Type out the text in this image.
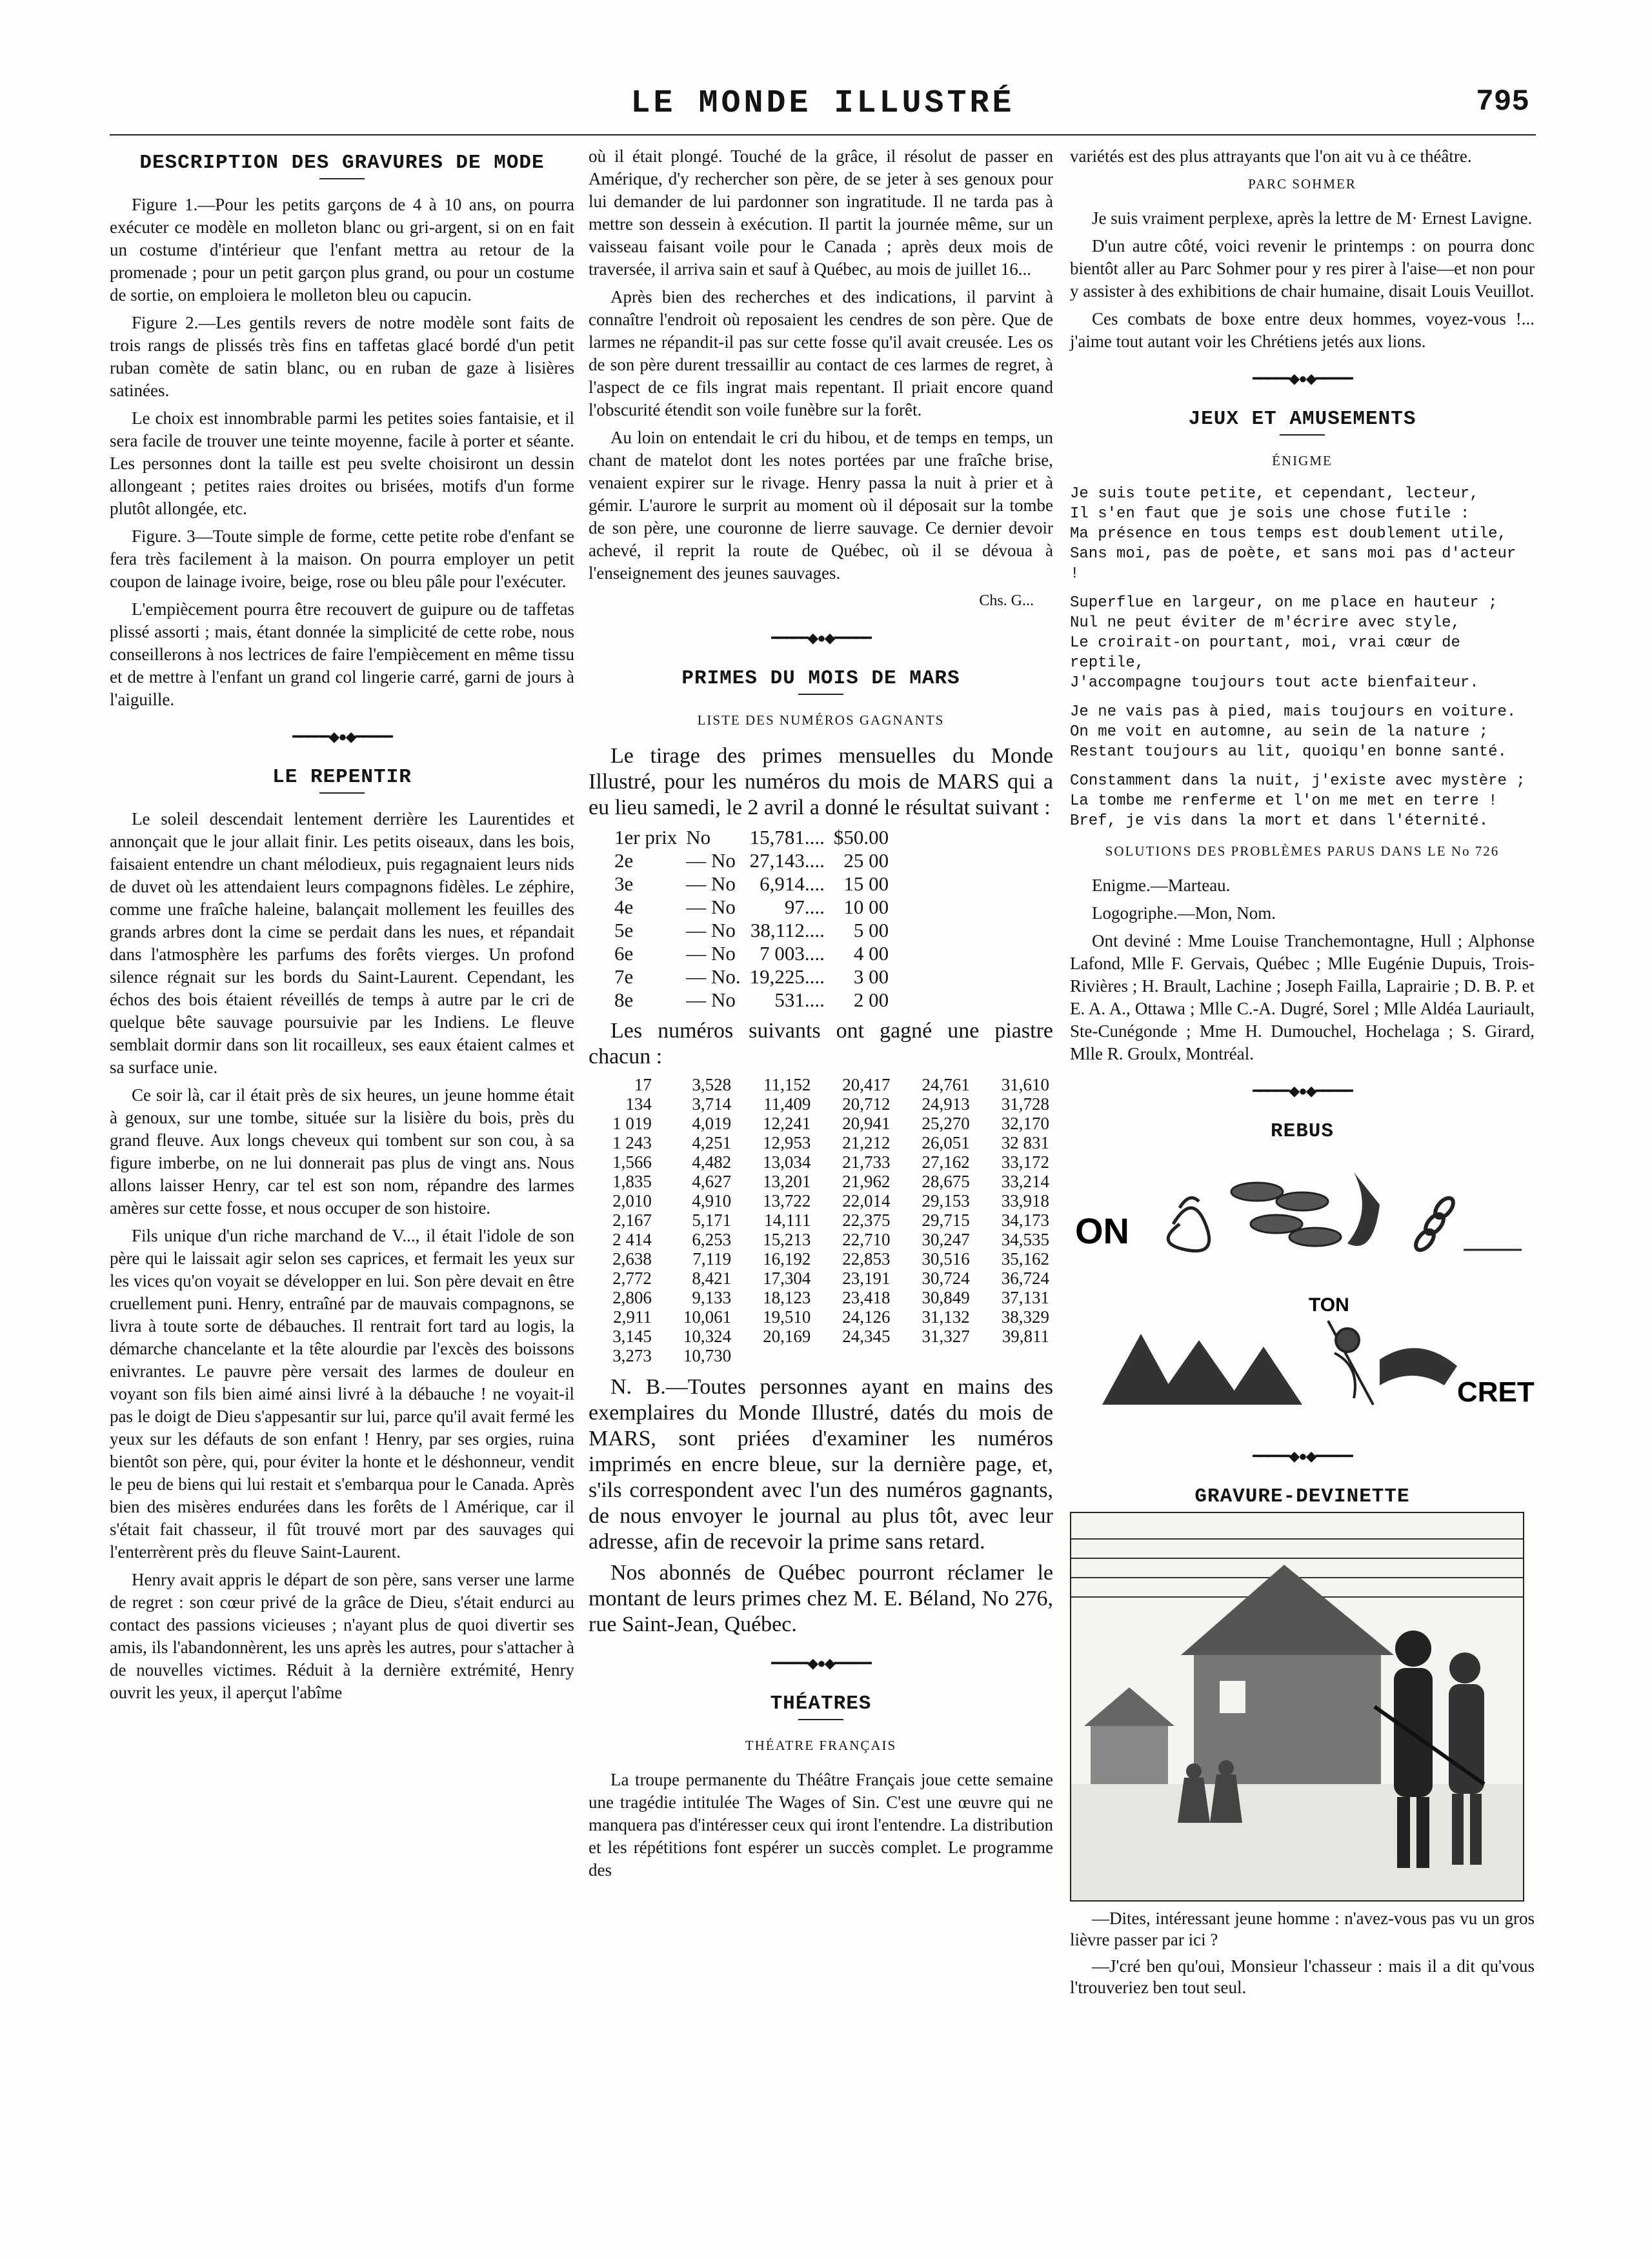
LE MONDE ILLUSTRÉ	795
DESCRIPTION DES GRAVURES DE MODE

Figure 1.—Pour les petits garçons de 4 à 10 ans, on pourra exécuter ce modèle en molleton blanc ou gri-argent, si on en fait un costume d'intérieur que l'enfant mettra au retour de la promenade ; pour un petit garçon plus grand, ou pour un costume de sortie, on emploiera le molleton bleu ou capucin.

Figure 2.—Les gentils revers de notre modèle sont faits de trois rangs de plissés très fins en taffetas glacé bordé d'un petit ruban comète de satin blanc, ou en ruban de gaze à lisières satinées.

Le choix est innombrable parmi les petites soies fantaisie, et il sera facile de trouver une teinte moyenne, facile à porter et séante. Les personnes dont la taille est peu svelte choisiront un dessin allongeant ; petites raies droites ou brisées, motifs d'un forme plutôt allongée, etc.

Figure. 3—Toute simple de forme, cette petite robe d'enfant se fera très facilement à la maison. On pourra employer un petit coupon de lainage ivoire, beige, rose ou bleu pâle pour l'exécuter.

L'empiècement pourra être recouvert de guipure ou de taffetas plissé assorti ; mais, étant donnée la simplicité de cette robe, nous conseillerons à nos lectrices de faire l'empiècement en même tissu et de mettre à l'enfant un grand col lingerie carré, garni de jours à l'aiguille.

━━━━━◆●◆━━━━━
LE REPENTIR

Le soleil descendait lentement derrière les Laurentides et annonçait que le jour allait finir. Les petits oiseaux, dans les bois, faisaient entendre un chant mélodieux, puis regagnaient leurs nids de duvet où les attendaient leurs compagnons fidèles. Le zéphire, comme une fraîche haleine, balançait mollement les feuilles des grands arbres dont la cime se perdait dans les nues, et répandait dans l'atmosphère les parfums des forêts vierges. Un profond silence régnait sur les bords du Saint-Laurent. Cependant, les échos des bois étaient réveillés de temps à autre par le cri de quelque bête sauvage poursuivie par les Indiens. Le fleuve semblait dormir dans son lit rocailleux, ses eaux étaient calmes et sa surface unie.

Ce soir là, car il était près de six heures, un jeune homme était à genoux, sur une tombe, située sur la lisière du bois, près du grand fleuve. Aux longs cheveux qui tombent sur son cou, à sa figure imberbe, on ne lui donnerait pas plus de vingt ans. Nous allons laisser Henry, car tel est son nom, répandre des larmes amères sur cette fosse, et nous occuper de son histoire.

Fils unique d'un riche marchand de V..., il était l'idole de son père qui le laissait agir selon ses caprices, et fermait les yeux sur les vices qu'on voyait se développer en lui. Son père devait en être cruellement puni. Henry, entraîné par de mauvais compagnons, se livra à toute sorte de débauches. Il rentrait fort tard au logis, la démarche chancelante et la tête alourdie par l'excès des boissons enivrantes. Le pauvre père versait des larmes de douleur en voyant son fils bien aimé ainsi livré à la débauche ! ne voyait-il pas le doigt de Dieu s'appesantir sur lui, parce qu'il avait fermé les yeux sur les défauts de son enfant ! Henry, par ses orgies, ruina bientôt son père, qui, pour éviter la honte et le déshonneur, vendit le peu de biens qui lui restait et s'embarqua pour le Canada. Après bien des misères endurées dans les forêts de l Amérique, car il s'était fait chasseur, il fût trouvé mort par des sauvages qui l'enterrèrent près du fleuve Saint-Laurent.

Henry avait appris le départ de son père, sans verser une larme de regret : son cœur privé de la grâce de Dieu, s'était endurci au contact des passions vicieuses ; n'ayant plus de quoi divertir ses amis, ils l'abandonnèrent, les uns après les autres, pour s'attacher à de nouvelles victimes. Réduit à la dernière extrémité, Henry ouvrit les yeux, il aperçut l'abîme

où il était plongé. Touché de la grâce, il résolut de passer en Amérique, d'y rechercher son père, de se jeter à ses genoux pour lui demander de lui pardonner son ingratitude. Il ne tarda pas à mettre son dessein à exécution. Il partit la journée même, sur un vaisseau faisant voile pour le Canada ; après deux mois de traversée, il arriva sain et sauf à Québec, au mois de juillet 16...

Après bien des recherches et des indications, il parvint à connaître l'endroit où reposaient les cendres de son père. Que de larmes ne répandit-il pas sur cette fosse qu'il avait creusée. Les os de son père durent tressaillir au contact de ces larmes de regret, à l'aspect de ce fils ingrat mais repentant. Il priait encore quand l'obscurité étendit son voile funèbre sur la forêt.

Au loin on entendait le cri du hibou, et de temps en temps, un chant de matelot dont les notes portées par une fraîche brise, venaient expirer sur le rivage. Henry passa la nuit à prier et à gémir. L'aurore le surprit au moment où il déposait sur la tombe de son père, une couronne de lierre sauvage. Ce dernier devoir achevé, il reprit la route de Québec, où il se dévoua à l'enseignement des jeunes sauvages.

Chs. G...
━━━━━◆●◆━━━━━
PRIMES DU MOIS DE MARS
LISTE DES NUMÉROS GAGNANTS

Le tirage des primes mensuelles du Monde Illustré, pour les numéros du mois de MARS qui a eu lieu samedi, le 2 avril a donné le résultat suivant :

1er prix	No	15,781....	$50.00
2e	— No	27,143....	25 00
3e	— No	6,914....	15 00
4e	— No	97....	10 00
5e	— No	38,112....	5 00
6e	— No	7 003....	4 00
7e	— No.	19,225....	3 00
8e	— No	531....	2 00

Les numéros suivants ont gagné une piastre chacun :

17	3,528	11,152	20,417	24,761	31,610
134	3,714	11,409	20,712	24,913	31,728
1 019	4,019	12,241	20,941	25,270	32,170
1 243	4,251	12,953	21,212	26,051	32 831
1,566	4,482	13,034	21,733	27,162	33,172
1,835	4,627	13,201	21,962	28,675	33,214
2,010	4,910	13,722	22,014	29,153	33,918
2,167	5,171	14,111	22,375	29,715	34,173
2 414	6,253	15,213	22,710	30,247	34,535
2,638	7,119	16,192	22,853	30,516	35,162
2,772	8,421	17,304	23,191	30,724	36,724
2,806	9,133	18,123	23,418	30,849	37,131
2,911	10,061	19,510	24,126	31,132	38,329
3,145	10,324	20,169	24,345	31,327	39,811
3,273	10,730				

N. B.—Toutes personnes ayant en mains des exemplaires du Monde Illustré, datés du mois de MARS, sont priées d'examiner les numéros imprimés en encre bleue, sur la dernière page, et, s'ils correspondent avec l'un des numéros gagnants, de nous envoyer le journal au plus tôt, avec leur adresse, afin de recevoir la prime sans retard.

Nos abonnés de Québec pourront réclamer le montant de leurs primes chez M. E. Béland, No 276, rue Saint-Jean, Québec.

━━━━━◆●◆━━━━━
THÉATRES
THÉATRE FRANÇAIS

La troupe permanente du Théâtre Français joue cette semaine une tragédie intitulée The Wages of Sin. C'est une œuvre qui ne manquera pas d'intéresser ceux qui iront l'entendre. La distribution et les répétitions font espérer un succès complet. Le programme des

variétés est des plus attrayants que l'on ait vu à ce théâtre.

PARC SOHMER

Je suis vraiment perplexe, après la lettre de M· Ernest Lavigne.

D'un autre côté, voici revenir le printemps : on pourra donc bientôt aller au Parc Sohmer pour y res pirer à l'aise—et non pour y assister à des exhibitions de chair humaine, disait Louis Veuillot.

Ces combats de boxe entre deux hommes, voyez-vous !... j'aime tout autant voir les Chrétiens jetés aux lions.

━━━━━◆●◆━━━━━
JEUX ET AMUSEMENTS
ÉNIGME
Je suis toute petite, et cependant, lecteur,
Il s'en faut que je sois une chose futile :
Ma présence en tous temps est doublement utile,
Sans moi, pas de poète, et sans moi pas d'acteur !
Superflue en largeur, on me place en hauteur ;
Nul ne peut éviter de m'écrire avec style,
Le croirait-on pourtant, moi, vrai cœur de reptile,
J'accompagne toujours tout acte bienfaiteur.
Je ne vais pas à pied, mais toujours en voiture.
On me voit en automne, au sein de la nature ;
Restant toujours au lit, quoiqu'en bonne santé.
Constamment dans la nuit, j'existe avec mystère ;
La tombe me renferme et l'on me met en terre !
Bref, je vis dans la mort et dans l'éternité.
SOLUTIONS DES PROBLÈMES PARUS DANS LE No 726

Enigme.—Marteau.

Logogriphe.—Mon, Nom.

Ont deviné : Mme Louise Tranchemontagne, Hull ; Alphonse Lafond, Mlle F. Gervais, Québec ; Mlle Eugénie Dupuis, Trois-Rivières ; H. Brault, Lachine ; Joseph Failla, Laprairie ; D. B. P. et E. A. A., Ottawa ; Mlle C.-A. Dugré, Sorel ; Mlle Aldéa Lauriault, Ste-Cunégonde ; Mme H. Dumouchel, Hochelaga ; S. Girard, Mlle R. Groulx, Montréal.

━━━━━◆●◆━━━━━
REBUS
ON
TON
CRET
━━━━━◆●◆━━━━━
GRAVURE-DEVINETTE

—Dites, intéressant jeune homme : n'avez-vous pas vu un gros lièvre passer par ici ?

—J'cré ben qu'oui, Monsieur l'chasseur : mais il a dit qu'vous l'trouveriez ben tout seul.
